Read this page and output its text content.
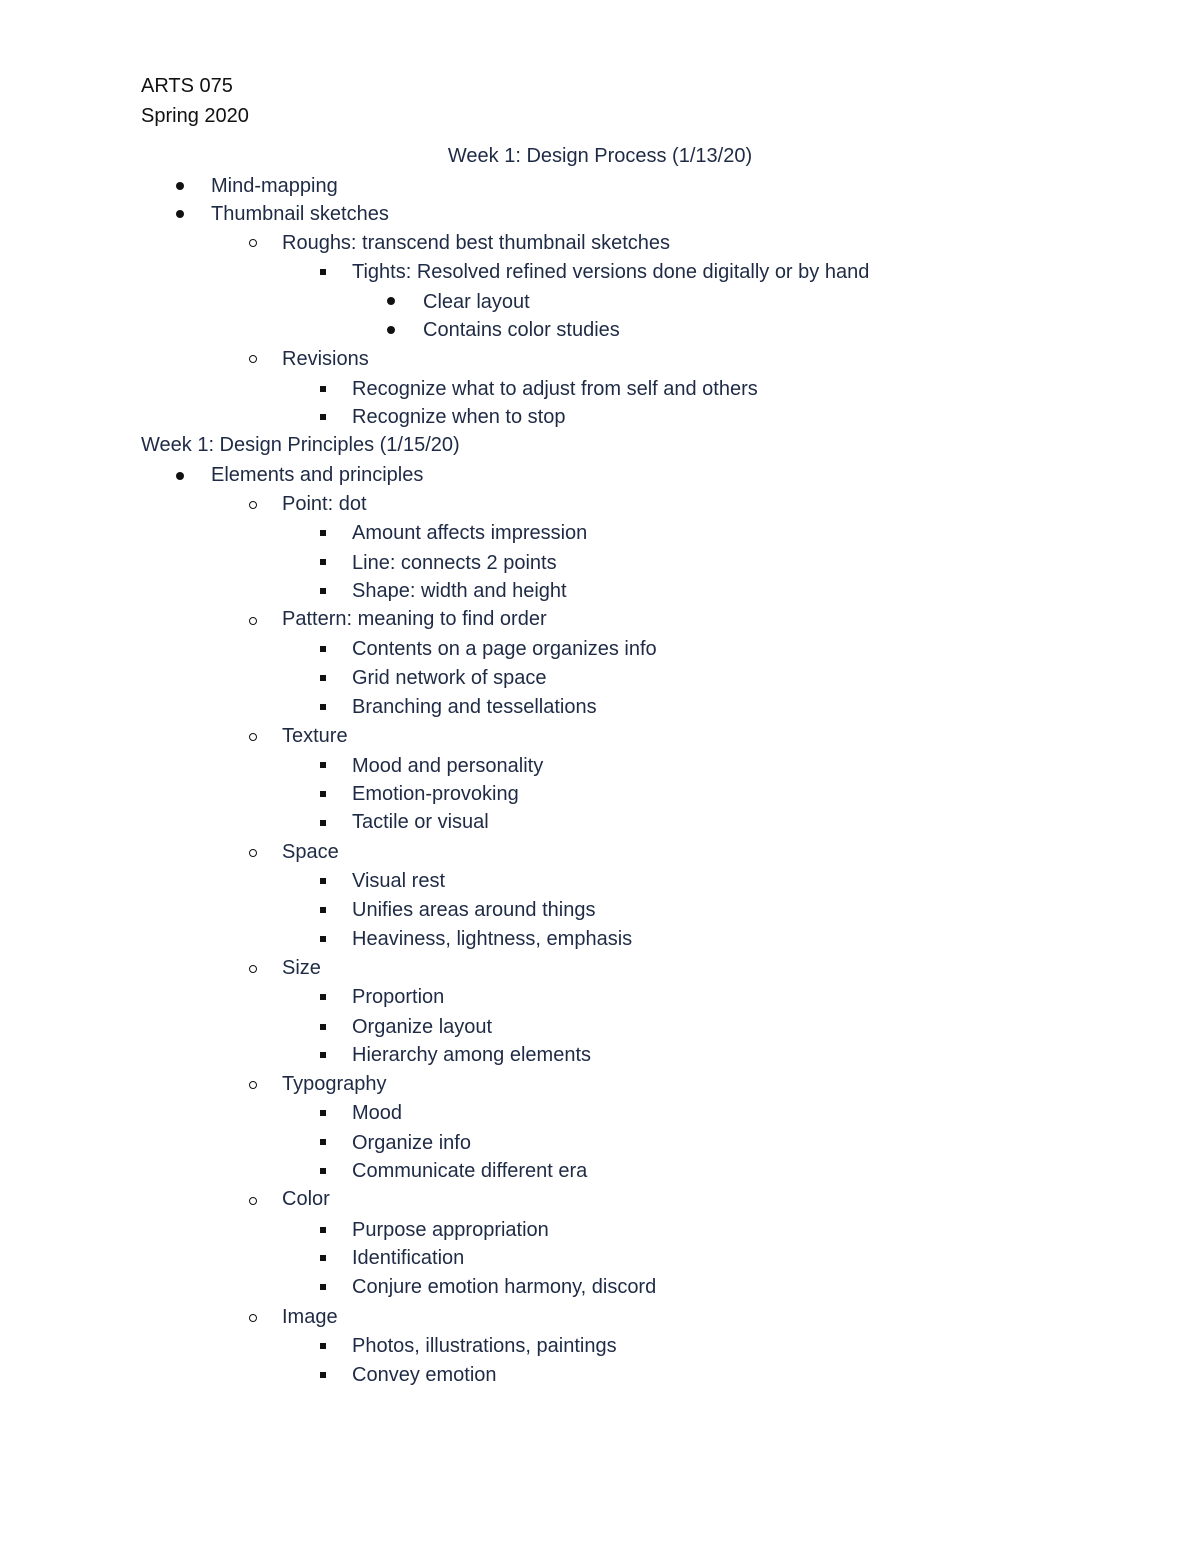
ARTS 075
Spring 2020
Week 1: Design Process (1/13/20)
Mind-mapping
Thumbnail sketches
Roughs: transcend best thumbnail sketches
Tights: Resolved refined versions done digitally or by hand
Clear layout
Contains color studies
Revisions
Recognize what to adjust from self and others
Recognize when to stop
Week 1: Design Principles (1/15/20)
Elements and principles
Point: dot
Amount affects impression
Line: connects 2 points
Shape: width and height
Pattern: meaning to find order
Contents on a page organizes info
Grid network of space
Branching and tessellations
Texture
Mood and personality
Emotion-provoking
Tactile or visual
Space
Visual rest
Unifies areas around things
Heaviness, lightness, emphasis
Size
Proportion
Organize layout
Hierarchy among elements
Typography
Mood
Organize info
Communicate different era
Color
Purpose appropriation
Identification
Conjure emotion harmony, discord
Image
Photos, illustrations, paintings
Convey emotion
